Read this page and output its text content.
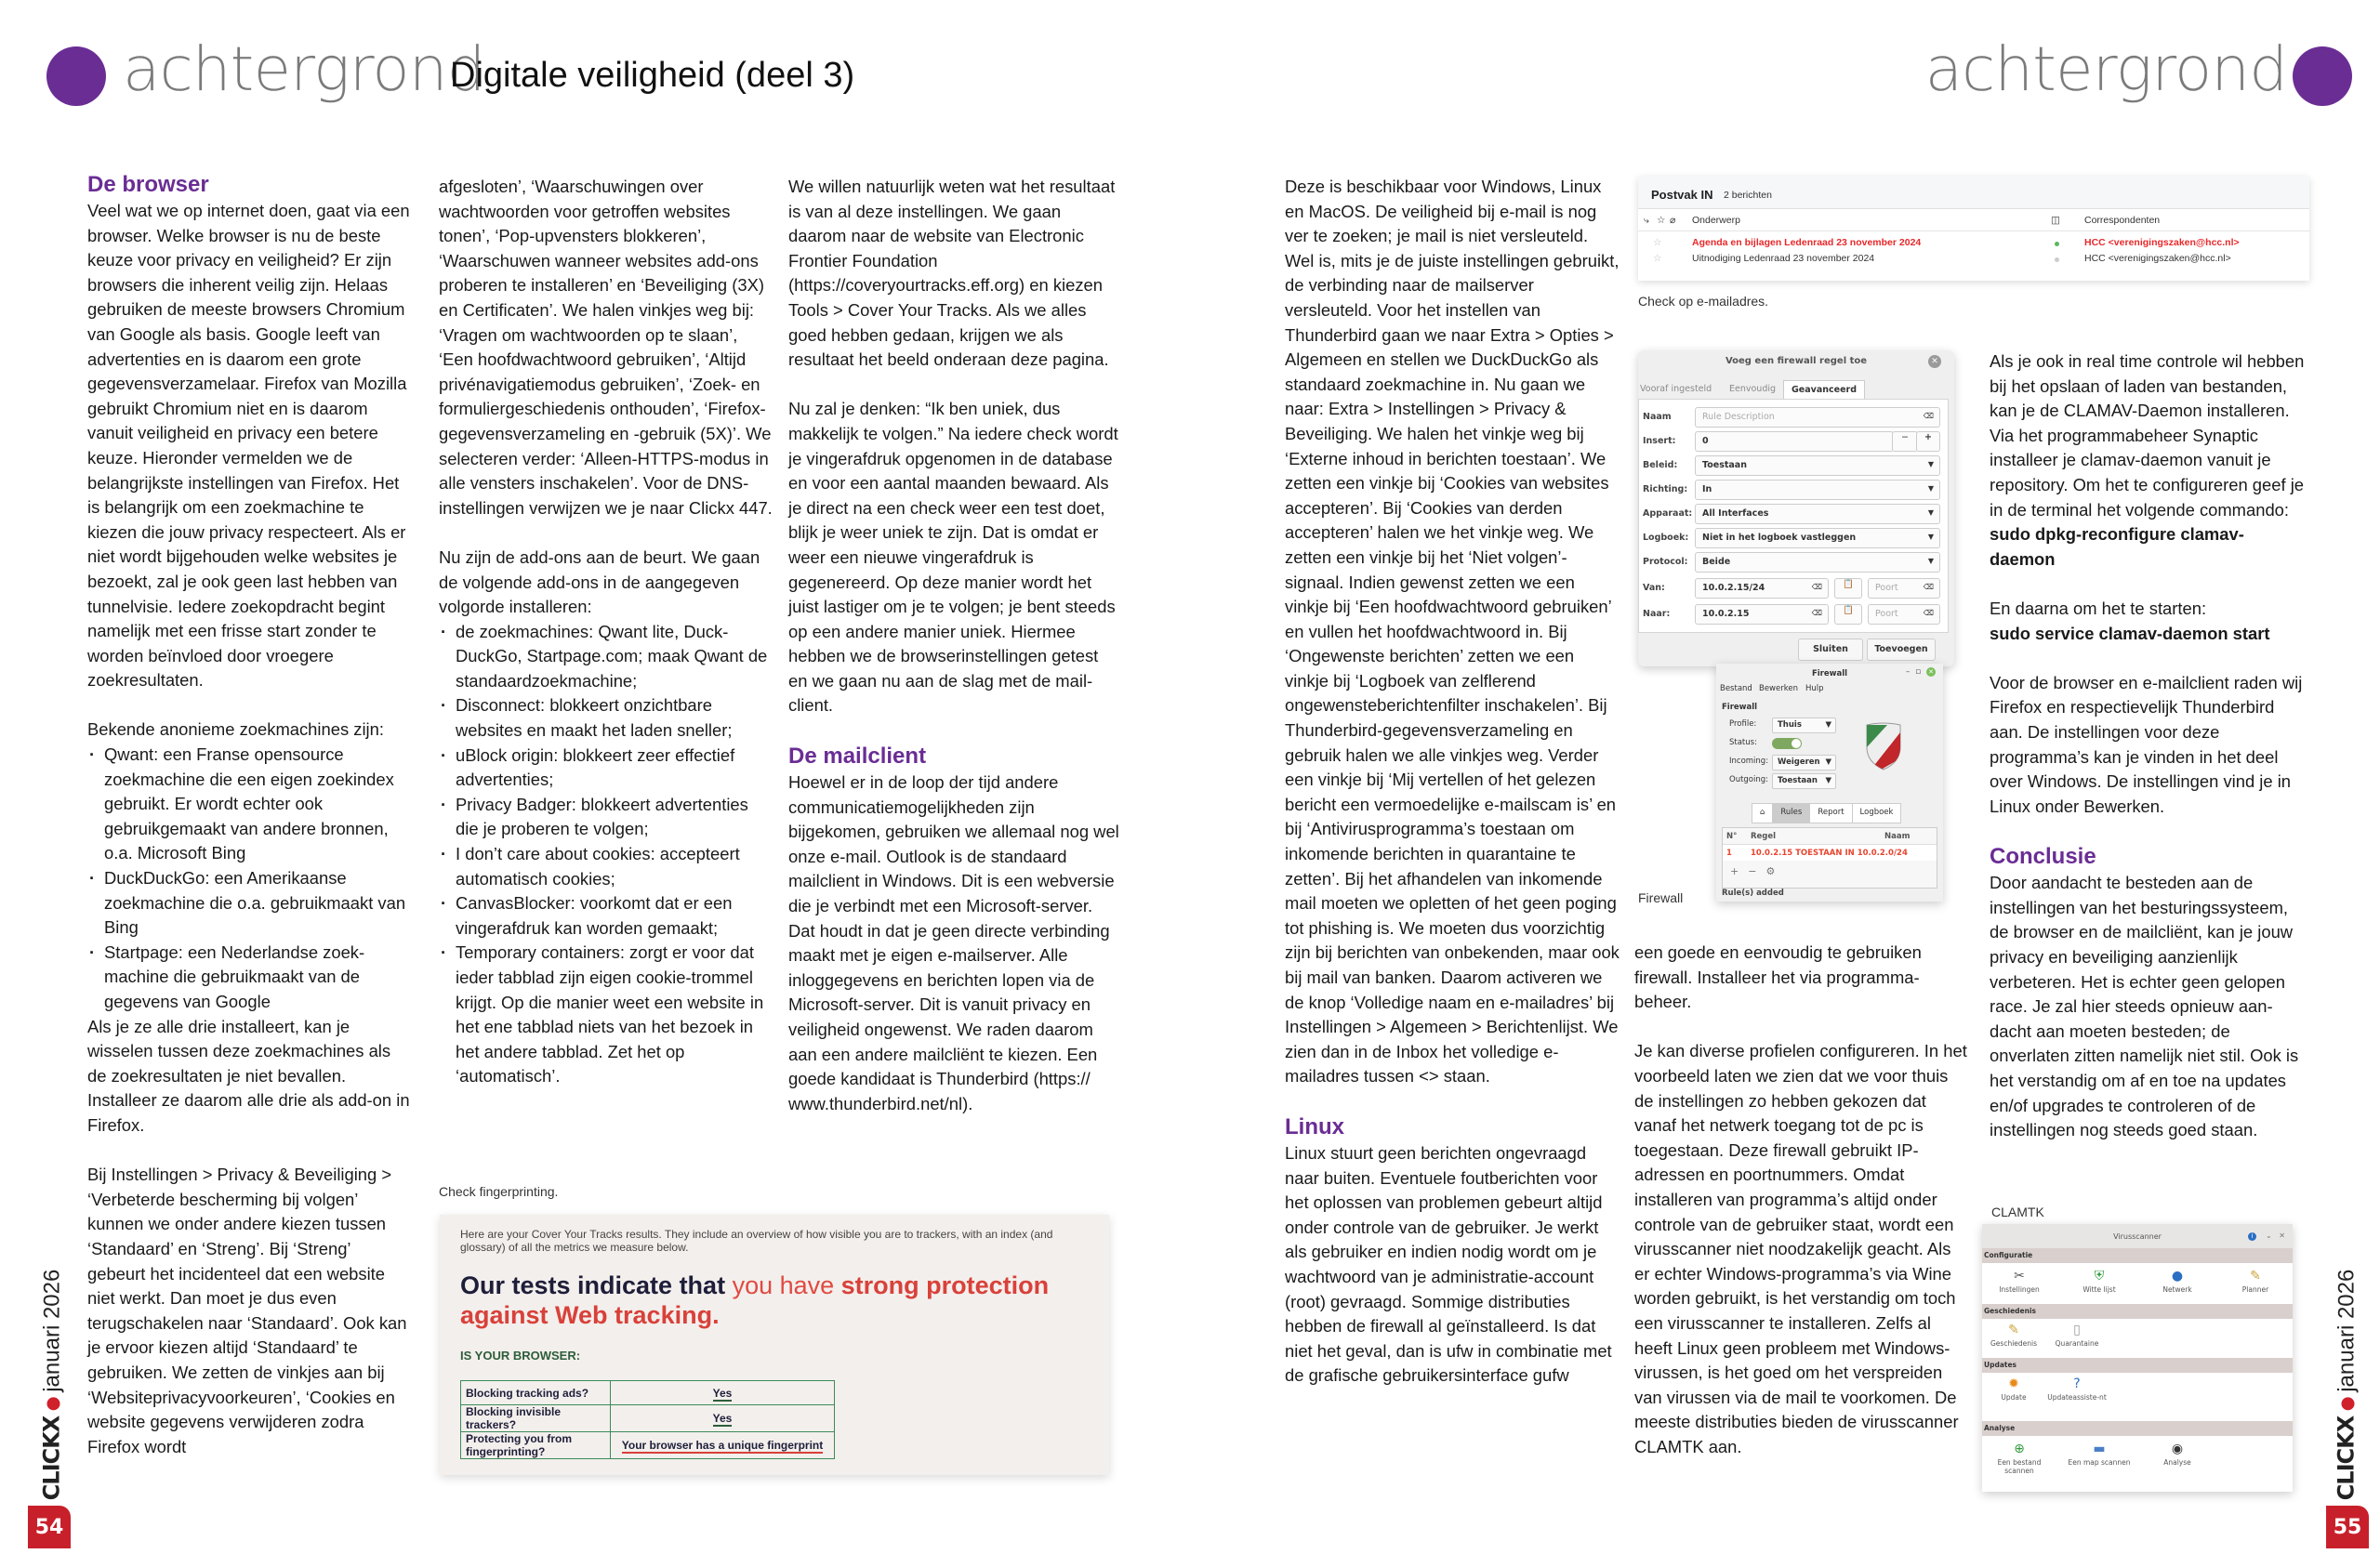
achtergrond
Digitale veiligheid (deel 3)
De browser

Veel wat we op internet doen, gaat via een browser. Welke browser is nu de beste keuze voor privacy en veiligheid? Er zijn browsers die inherent veilig zijn. Helaas gebruiken de meeste browsers Chromium van Google als basis. Google leeft van advertenties en is daarom een grote gegevensverzamelaar. Firefox van Mozilla gebruikt Chromium niet en is daarom vanuit veiligheid en privacy een betere keuze. Hieronder vermelden we de belangrijkste instellingen van Firefox. Het is belangrijk om een zoekmachine te kiezen die jouw privacy respecteert. Als er niet wordt bijgehouden welke websites je bezoekt, zal je ook geen last hebben van tunnelvisie. Iedere zoekopdracht begint namelijk met een frisse start zonder te worden beïnvloed door vroegere zoekresultaten.

Bekende anonieme zoekmachines zijn:

· Qwant: een Franse opensource zoekmachine die een eigen zoekindex gebruikt. Er wordt echter ook gebruikgemaakt van andere bronnen, o.a. Microsoft Bing
· DuckDuckGo: een Amerikaanse zoekmachine die o.a. gebruikmaakt van Bing
· Startpage: een Nederlandse zoekmachine die gebruikmaakt van de gegevens van Google

Als je ze alle drie installeert, kan je wisselen tussen deze zoekmachines als de zoekresultaten je niet bevallen. Installeer ze daarom alle drie als add-on in Firefox.

Bij Instellingen > Privacy & Beveiliging > ‘Verbeterde bescherming bij volgen’ kunnen we onder andere kiezen tussen ‘Standaard’ en ‘Streng’. Bij ‘Streng’ gebeurt het incidenteel dat een website niet werkt. Dan moet je dus even terugschakelen naar ‘Standaard’. Ook kan je ervoor kiezen altijd ‘Standaard’ te gebruiken. We zetten de vinkjes aan bij ‘Websiteprivacyvoorkeuren’, ‘Cookies en website gegevens verwijderen zodra Firefox wordt

afgesloten’, ‘Waarschuwingen over wachtwoorden voor getroffen websites tonen’, ‘Pop-upvensters blokkeren’, ‘Waarschuwen wanneer websites add-ons proberen te installeren’ en ‘Beveiliging (3X) en Certificaten’. We halen vinkjes weg bij: ‘Vragen om wachtwoorden op te slaan’, ‘Een hoofdwachtwoord gebruiken’, ‘Altijd privénavigatiemodus gebruiken’, ‘Zoek- en formuliergeschiedenis onthouden’, ‘Firefox-gegevensverzameling en -gebruik (5X)’. We selecteren verder: ‘Alleen-HTTPS-modus in alle vensters inschakelen’. Voor de DNS-instellingen verwijzen we je naar Clickx 447.

Nu zijn de add-ons aan de beurt. We gaan de volgende add-ons in de aangegeven volgorde installeren:

· de zoekmachines: Qwant lite, DuckDuckGo, Startpage.com; maak Qwant de standaardzoekmachine;
· Disconnect: blokkeert onzichtbare websites en maakt het laden sneller;
· uBlock origin: blokkeert zeer effectief advertenties;
· Privacy Badger: blokkeert advertenties die je proberen te volgen;
· I don’t care about cookies: accepteert automatisch cookies;
· CanvasBlocker: voorkomt dat er een vingerafdruk kan worden gemaakt;
· Temporary containers: zorgt er voor dat ieder tabblad zijn eigen cookie-trommel krijgt. Op die manier weet een website in het ene tabblad niets van het bezoek in het andere tabblad. Zet het op ‘automatisch’.

We willen natuurlijk weten wat het resultaat is van al deze instellingen. We gaan daarom naar de website van Electronic Frontier Foundation (https://coveryourtracks.eff.org) en kiezen Tools > Cover Your Tracks. Als we alles goed hebben gedaan, krijgen we als resultaat het beeld onderaan deze pagina.

Nu zal je denken: “Ik ben uniek, dus makkelijk te volgen.” Na iedere check wordt je vingerafdruk opgenomen in de database en voor een aantal maanden bewaard. Als je direct na een check weer een test doet, blijk je weer uniek te zijn. Dat is omdat er weer een nieuwe vingerafdruk is gegenereerd. Op deze manier wordt het juist lastiger om je te volgen; je bent steeds op een andere manier uniek. Hiermee hebben we de browserinstellingen getest en we gaan nu aan de slag met de mailclient.

De mailclient

Hoewel er in de loop der tijd andere communicatiemogelijkheden zijn bijgekomen, gebruiken we allemaal nog wel onze e-mail. Outlook is de standaard mailclient in Windows. Dit is een webversie die je verbindt met een Microsoft-server. Dat houdt in dat je geen directe verbinding maakt met je eigen e-mailserver. Alle inloggegevens en berichten lopen via de Microsoft-server. Dit is vanuit privacy en veiligheid ongewenst. We raden daarom aan een andere mailcliënt te kiezen. Een goede kandidaat is Thunderbird (https:// www.thunderbird.net/nl).

Check fingerprinting.
Here are your Cover Your Tracks results. They include an overview of how visible you are to trackers, with an index (and glossary) of all the metrics we measure below.
Our tests indicate that you have strong protection against Web tracking.
IS YOUR BROWSER:
Blocking tracking ads?	Yes
Blocking invisible trackers?	Yes
Protecting you from fingerprinting?	Your browser has a unique fingerprint
CLICKXjanuari 2026
54
achtergrond

Deze is beschikbaar voor Windows, Linux en MacOS. De veiligheid bij e-mail is nog ver te zoeken; je mail is niet versleuteld. Wel is, mits je de juiste instellingen gebruikt, de verbinding naar de mailserver versleuteld. Voor het instellen van Thunderbird gaan we naar Extra > Opties > Algemeen en stellen we DuckDuckGo als standaard zoekmachine in. Nu gaan we naar: Extra > Instellingen > Privacy & Beveiliging. We halen het vinkje weg bij ‘Externe inhoud in berichten toestaan’. We zetten een vinkje bij ‘Cookies van websites accepteren’. Bij ‘Cookies van derden accepteren’ halen we het vinkje weg. We zetten een vinkje bij het ‘Niet volgen’-signaal. Indien gewenst zetten we een vinkje bij ‘Een hoofdwachtwoord gebruiken’ en vullen het hoofdwachtwoord in. Bij ‘Ongewenste berichten’ zetten we een vinkje bij ‘Logboek van zelflerend ongewensteberichtenfilter inschakelen’. Bij Thunderbird-gegevensverzameling en gebruik halen we alle vinkjes weg. Verder een vinkje bij ‘Mij vertellen of het gelezen bericht een vermoedelijke e-mailscam is’ en bij ‘Antivirusprogramma’s toestaan om inkomende berichten in quarantaine te zetten’. Bij het afhandelen van inkomende mail moeten we opletten of het geen poging tot phishing is. We moeten dus voorzichtig zijn bij berichten van onbekenden, maar ook bij mail van banken. Daarom activeren we de knop ‘Volledige naam en e-mailadres’ bij Instellingen > Algemeen > Berichtenlijst. We zien dan in de Inbox het volledige e-mailadres tussen <> staan.

Linux

Linux stuurt geen berichten ongevraagd naar buiten. Eventuele foutberichten voor het oplossen van problemen gebeurt altijd onder controle van de gebruiker. Je werkt als gebruiker en indien nodig wordt om je wachtwoord van je administratie-account (root) gevraagd. Sommige distributies hebben de firewall al geïnstalleerd. Is dat niet het geval, dan is ufw in combinatie met de grafische gebruikersinterface gufw

een goede en eenvoudig te gebruiken firewall. Installeer het via programmabeheer.

Je kan diverse profielen configureren. In het voorbeeld laten we zien dat we voor thuis de instellingen zo hebben gekozen dat vanaf het netwerk toegang tot de pc is toegestaan. Deze firewall gebruikt IP-adressen en poortnummers. Omdat installeren van programma’s altijd onder controle van de gebruiker staat, wordt een virusscanner niet noodzakelijk geacht. Als er echter Windows-programma’s via Wine worden gebruikt, is het verstandig om toch een virusscanner te installeren. Zelfs al heeft Linux geen probleem met Windows-virussen, is het goed om het verspreiden van virussen via de mail te voorkomen. De meeste distributies bieden de virusscanner CLAMTK aan.

Als je ook in real time controle wil hebben bij het opslaan of laden van bestanden, kan je de CLAMAV-Daemon installeren. Via het programmabeheer Synaptic installeer je clamav-daemon vanuit je repository. Om het te configureren geef je in de terminal het volgende commando:

sudo dpkg-reconfigure clamav-daemon

En daarna om het te starten:

sudo service clamav-daemon start

Voor de browser en e-mailclient raden wij Firefox en respectievelijk Thunderbird aan. De instellingen voor deze programma’s kan je vinden in het deel over Windows. De instellingen vind je in Linux onder Bewerken.

Conclusie

Door aandacht te besteden aan de instellingen van het besturingssysteem, de browser en de mailcliënt, kan je jouw privacy en beveiliging aanzienlijk verbeteren. Het is echter geen gelopen race. Je zal hier steeds opnieuw aandacht aan moeten besteden; de onverlaten zitten namelijk niet stil. Ook is het verstandig om af en toe na updates en/of upgrades te controleren of de instellingen nog steeds goed staan.

Check op e-mailadres.
Firewall
CLAMTK
CLICKXjanuari 2026
55
Postvak IN 2 berichten
⤷ ☆ ⌀ Onderwerp	◫ Correspondenten
☆	Agenda en bijlagen Ledenraad 23 november 2024	HCC <verenigingszaken@hcc.nl>
☆	Uitnodiging Ledenraad 23 november 2024	HCC <verenigingszaken@hcc.nl>
Voeg een firewall regel toe	✕
Vooraf ingesteld Eenvoudig	Geavanceerd
Naam	Rule Description	⌫
Insert:	0	−	+
Beleid:	Toestaan	▼
Richting: In	▼
Apparaat: All Interfaces	▼
Logboek: Niet in het logboek vastleggen	▼
Protocol: Beide	▼
Van:	10.0.2.15/24	⌫	📋	Poort	⌫
Naar:	10.0.2.15	⌫	📋	Poort	⌫
Sluiten	Toevoegen
Firewall	– ▫ ✕
Bestand Bewerken Hulp
Firewall
Profile:	Thuis	▼
Status:
Incoming:	Weigeren ▼
Outgoing:	Toestaan ▼
⌂	Rules	Report	Logboek
N° Regel	Naam
1 10.0.2.15 TOESTAAN IN 10.0.2.0/24
+−⚙
Rule(s) added
Virusscanner	i ⌄ ✕
Configuratie
✂
Instellingen
⛨
Witte lijst
●
Netwerk
✎
Planner
Geschiedenis
✎
Geschiedenis
▯
Quarantaine
Updates
✹
Update
?
Updateassiste-nt
Analyse
⊕
Een bestand scannen
▬
Een map scannen
◉
Analyse
